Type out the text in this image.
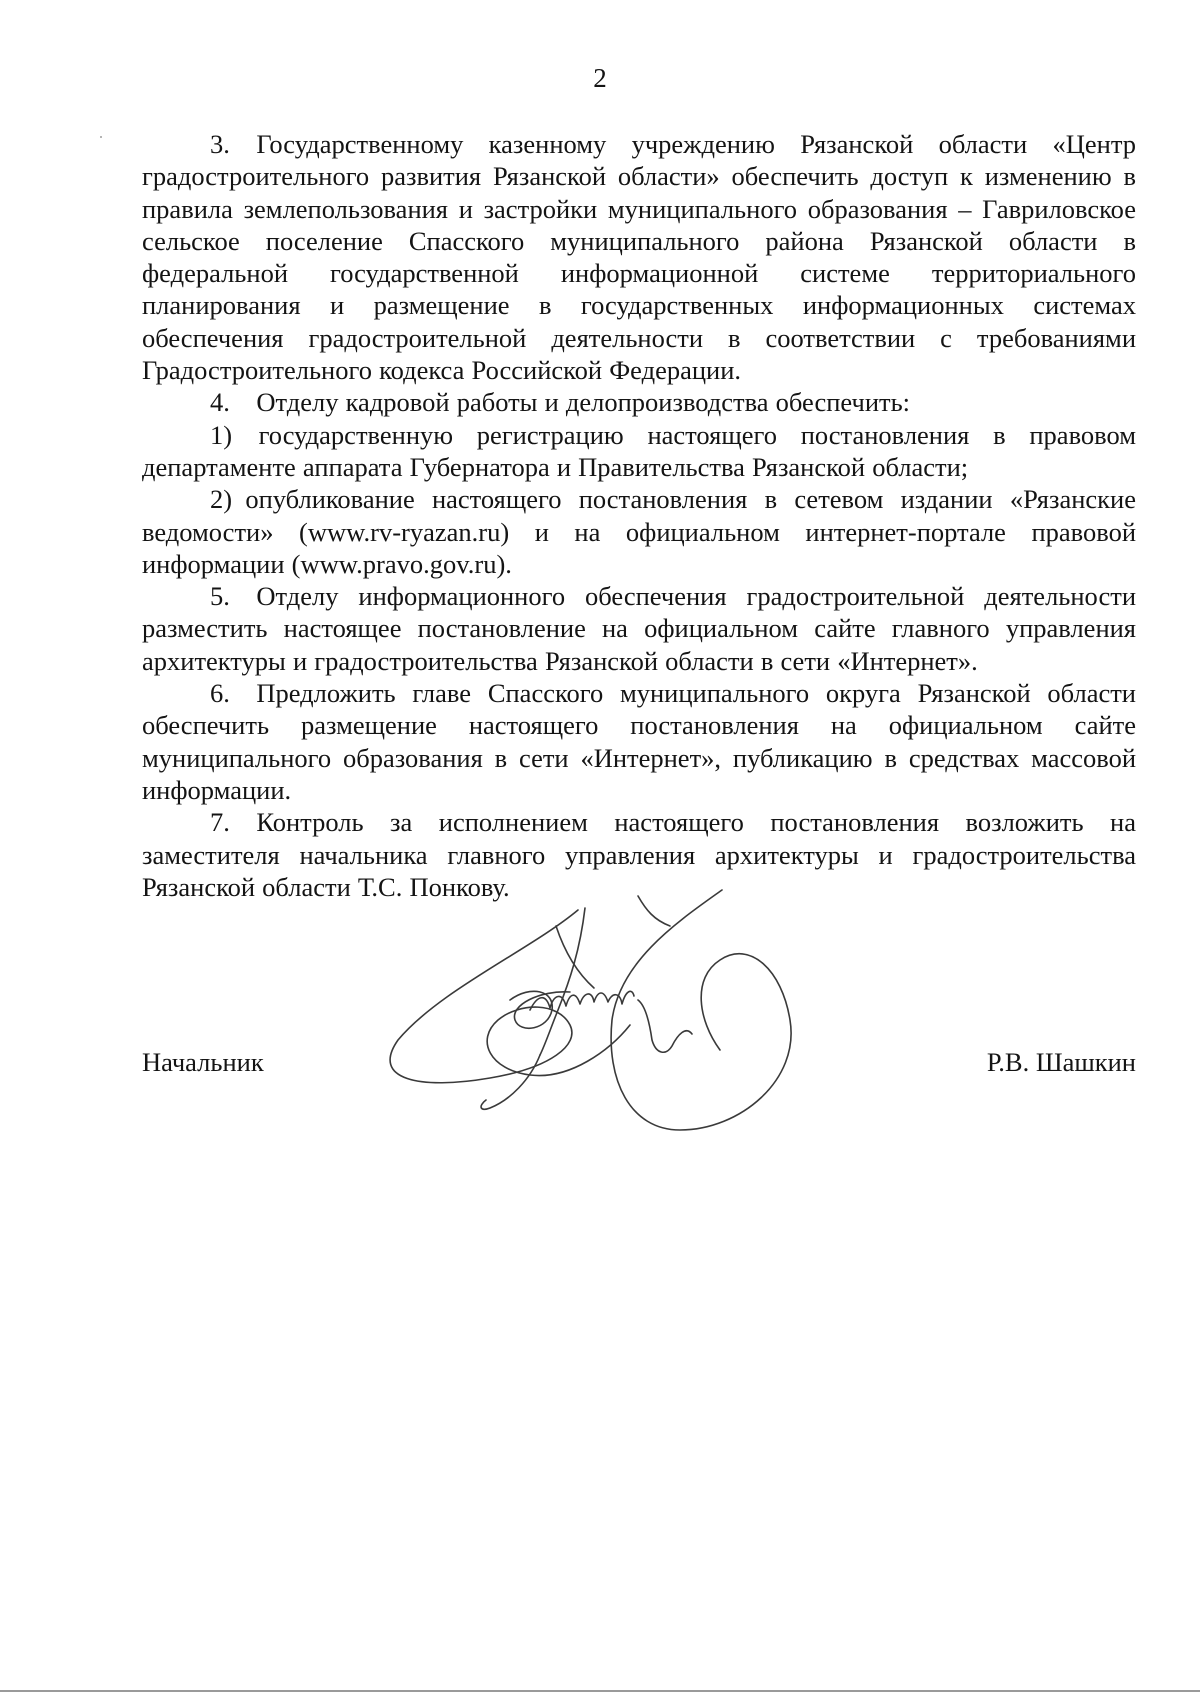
2

3. Государственному казенному учреждению Рязанской области «Центр градостроительного развития Рязанской области» обеспечить доступ к изменению в правила землепользования и застройки муниципального образования – Гавриловское сельское поселение Спасского муниципального района Рязанской области в федеральной государственной информационной системе территориального планирования и размещение в государственных информационных системах обеспечения градостроительной деятельности в соответствии с требованиями Градостроительного кодекса Российской Федерации.

4. Отделу кадровой работы и делопроизводства обеспечить:

1) государственную регистрацию настоящего постановления в правовом департаменте аппарата Губернатора и Правительства Рязанской области;

2) опубликование настоящего постановления в сетевом издании «Рязанские ведомости» (www.rv-ryazan.ru) и на официальном интернет-портале правовой информации (www.pravo.gov.ru).

5. Отделу информационного обеспечения градостроительной деятельности разместить настоящее постановление на официальном сайте главного управления архитектуры и градостроительства Рязанской области в сети «Интернет».

6. Предложить главе Спасского муниципального округа Рязанской области обеспечить размещение настоящего постановления на официальном сайте муниципального образования в сети «Интернет», публикацию в средствах массовой информации.

7. Контроль за исполнением настоящего постановления возложить на заместителя начальника главного управления архитектуры и градостроительства Рязанской области Т.С. Понкову.

Начальник	Р.В. Шашкин
